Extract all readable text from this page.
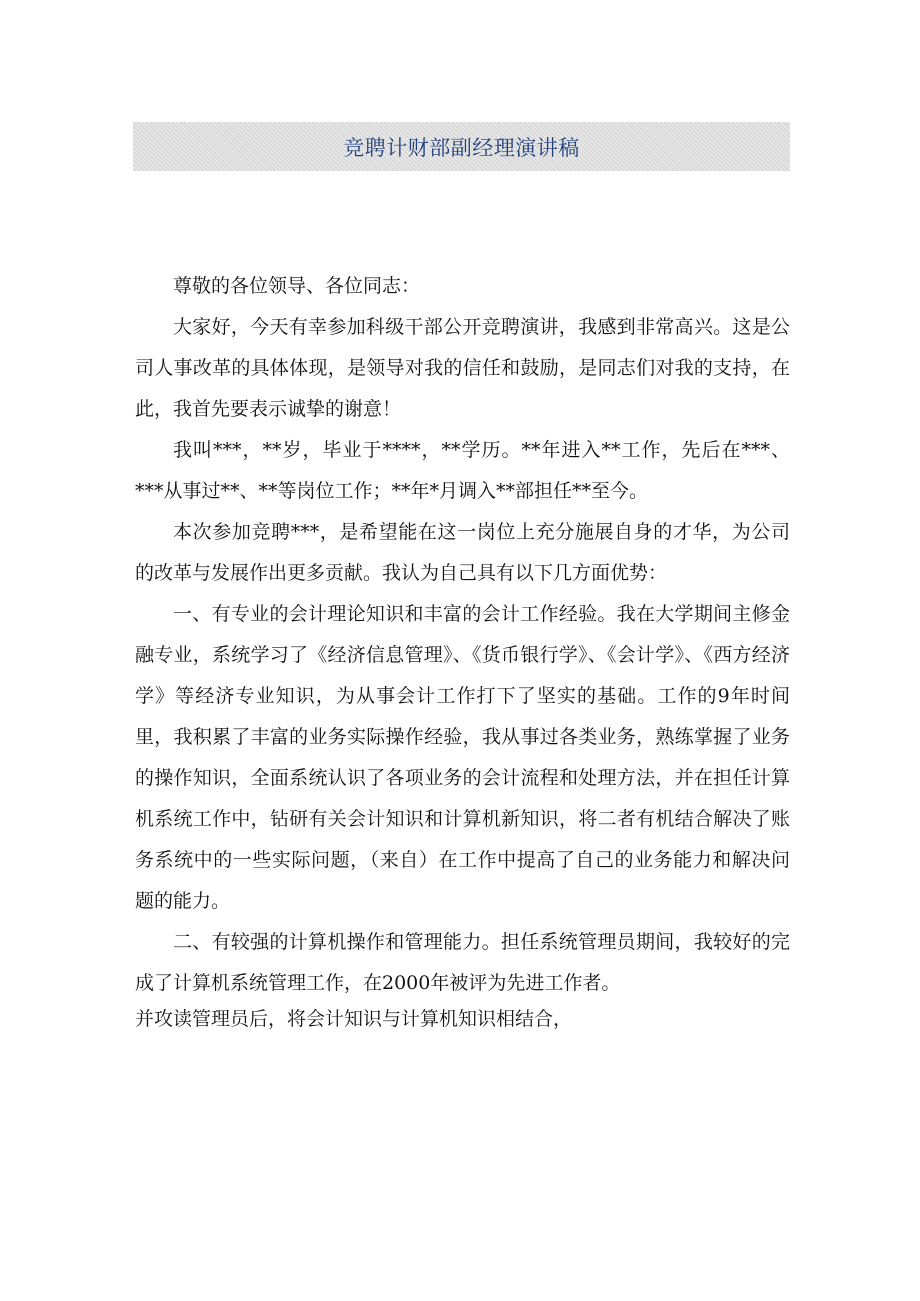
竞聘计财部副经理演讲稿

尊敬的各位领导、各位同志：

大家好，今天有幸参加科级干部公开竞聘演讲，我感到非常高兴。这是公司人事改革的具体体现，是领导对我的信任和鼓励，是同志们对我的支持，在此，我首先要表示诚挚的谢意！

我叫***，**岁，毕业于****，**学历。**年进入**工作，先后在***、***从事过**、**等岗位工作；**年*月调入**部担任**至今。

本次参加竞聘***，是希望能在这一岗位上充分施展自身的才华，为公司的改革与发展作出更多贡献。我认为自己具有以下几方面优势：

一、有专业的会计理论知识和丰富的会计工作经验。我在大学期间主修金融专业，系统学习了《经济信息管理》、《货币银行学》、《会计学》、《西方经济学》等经济专业知识，为从事会计工作打下了坚实的基础。工作的9年时间里，我积累了丰富的业务实际操作经验，我从事过各类业务，熟练掌握了业务的操作知识，全面系统认识了各项业务的会计流程和处理方法，并在担任计算机系统工作中，钻研有关会计知识和计算机新知识，将二者有机结合解决了账务系统中的一些实际问题，（来自）在工作中提高了自己的业务能力和解决问题的能力。

二、有较强的计算机操作和管理能力。担任系统管理员期间，我较好的完成了计算机系统管理工作，在2000年被评为先进工作者。

并攻读管理员后，将会计知识与计算机知识相结合，
